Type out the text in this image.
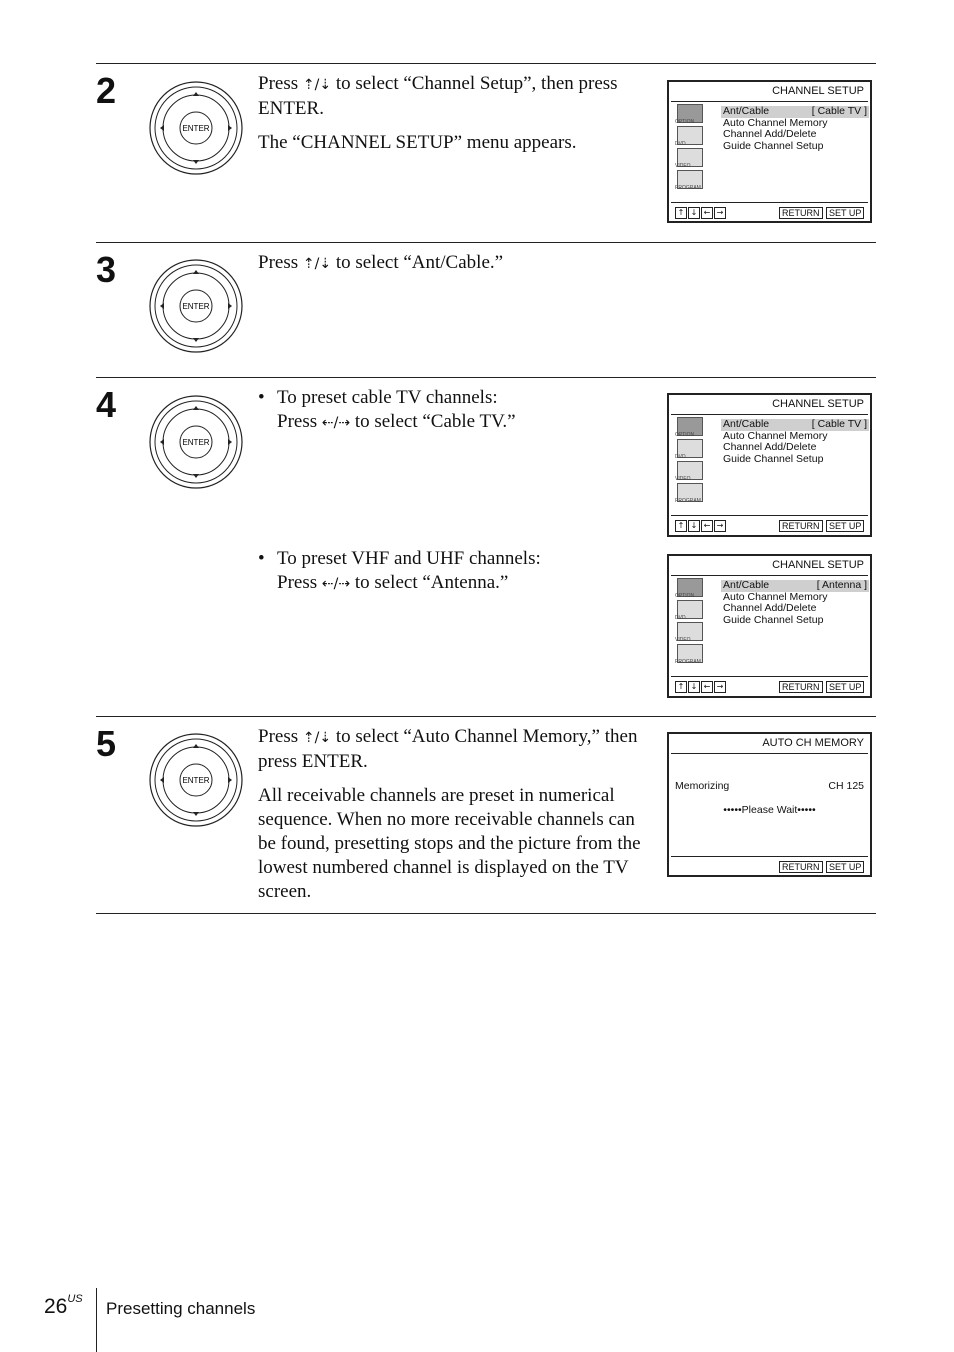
2
ENTER

Press ⇡/⇣ to select “Channel Setup”, then press ENTER.

The “CHANNEL SETUP” menu appears.

CHANNEL SETUP
OPTION
DVD
VIDEO
PROGRAM
Ant/Cable	[ Cable TV ]
Auto Channel Memory
Channel Add/Delete
Guide Channel Setup
↑ ↓ ← →	RETURN	SET UP
3
ENTER

Press ⇡/⇣ to select “Ant/Cable.”

4
ENTER
• To preset cable TV channels:
Press ⇠/⇢ to select “Cable TV.”
• To preset VHF and UHF channels:
Press ⇠/⇢ to select “Antenna.”
CHANNEL SETUP
OPTION
DVD
VIDEO
PROGRAM
Ant/Cable	[ Cable TV ]
Auto Channel Memory
Channel Add/Delete
Guide Channel Setup
↑ ↓ ← →	RETURN	SET UP
CHANNEL SETUP
OPTION
DVD
VIDEO
PROGRAM
Ant/Cable	[ Antenna ]
Auto Channel Memory
Channel Add/Delete
Guide Channel Setup
↑ ↓ ← →	RETURN	SET UP
5
ENTER

Press ⇡/⇣ to select “Auto Channel Memory,” then press ENTER.

All receivable channels are preset in numerical sequence. When no more receivable channels can be found, presetting stops and the picture from the lowest numbered channel is displayed on the TV screen.

AUTO CH MEMORY
Memorizing	CH 125
•••••Please Wait•••••
RETURN	SET UP
$26^{US}$ Presetting channels
